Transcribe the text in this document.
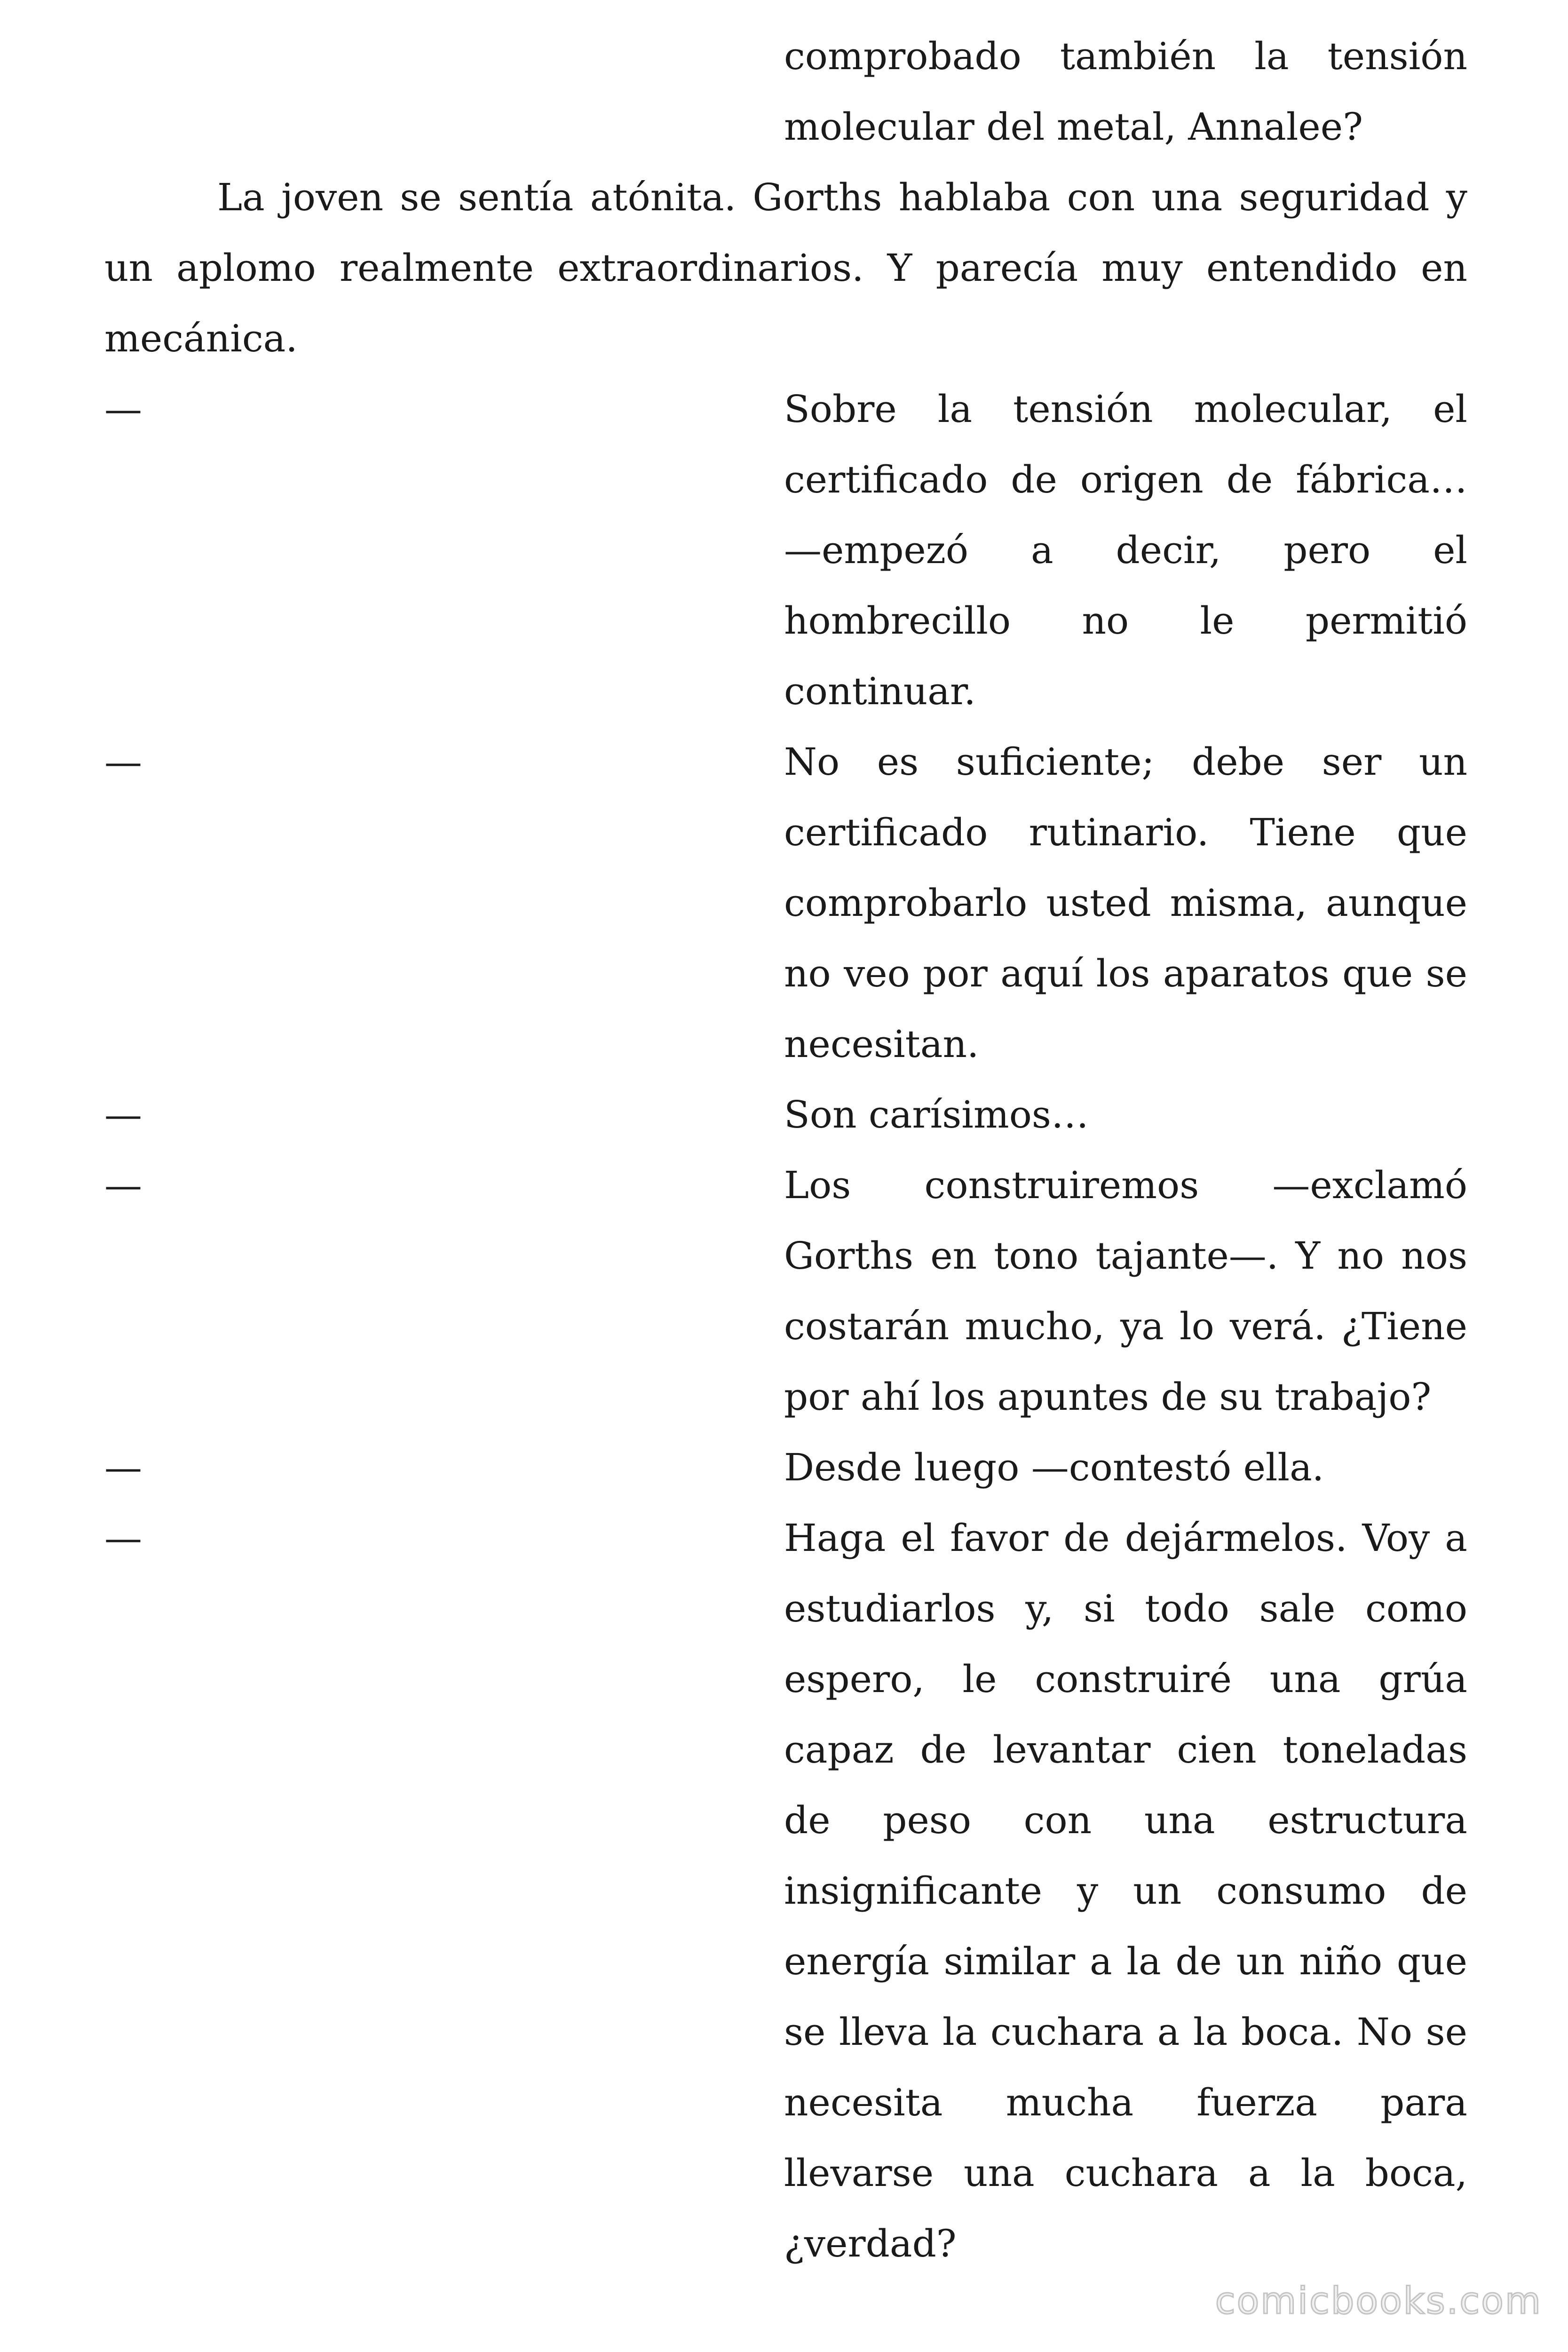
comprobado también la tensión
molecular del metal, Annalee?
La joven se sentía atónita. Gorths hablaba con una seguridad y
un aplomo realmente extraordinarios. Y parecía muy entendido en
mecánica.
—	Sobre la tensión molecular, el
certificado de origen de fábrica…
—empezó a decir, pero el
hombrecillo no le permitió
continuar.
—	No es suficiente; debe ser un
certificado rutinario. Tiene que
comprobarlo usted misma, aunque
no veo por aquí los aparatos que se
necesitan.
—	Son carísimos…
—	Los construiremos —exclamó
Gorths en tono tajante—. Y no nos
costarán mucho, ya lo verá. ¿Tiene
por ahí los apuntes de su trabajo?
—	Desde luego —contestó ella.
—	Haga el favor de dejármelos. Voy a
estudiarlos y, si todo sale como
espero, le construiré una grúa
capaz de levantar cien toneladas
de peso con una estructura
insignificante y un consumo de
energía similar a la de un niño que
se lleva la cuchara a la boca. No se
necesita mucha fuerza para
llevarse una cuchara a la boca,
¿verdad?
comicbooks.com
